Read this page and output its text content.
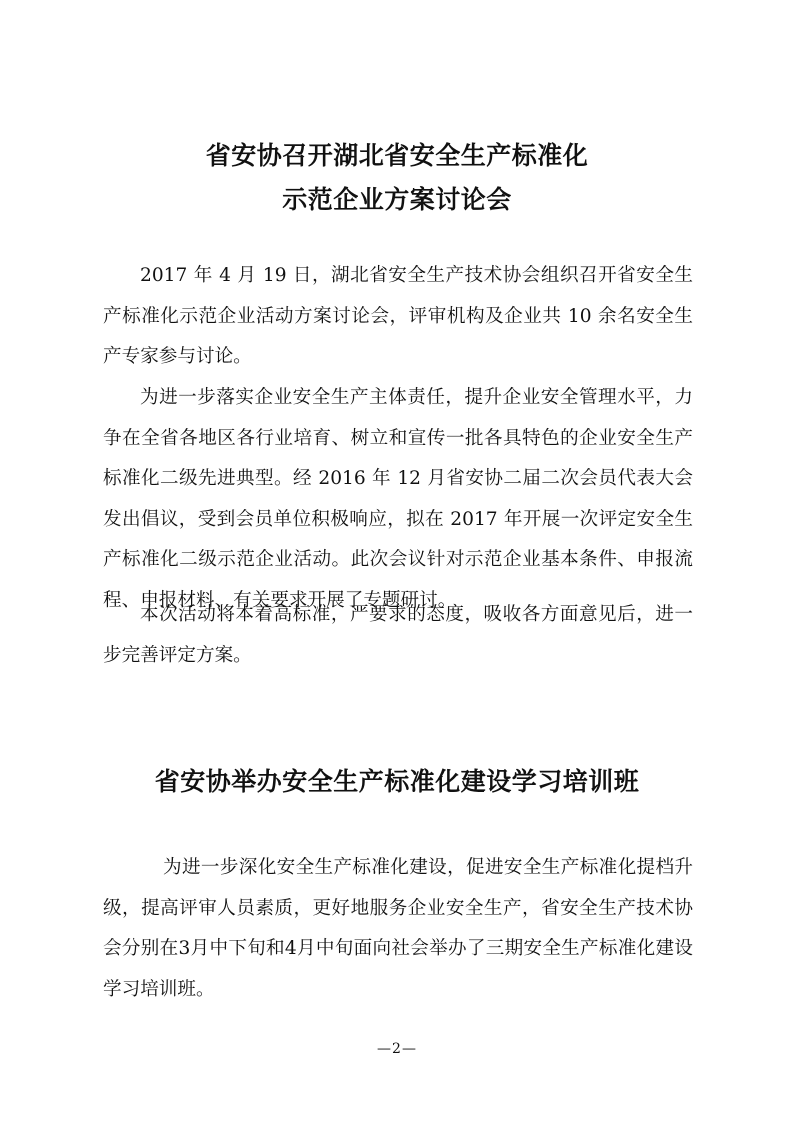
省安协召开湖北省安全生产标准化
示范企业方案讨论会

2017 年 4 月 19 日，湖北省安全生产技术协会组织召开省安全生产标准化示范企业活动方案讨论会，评审机构及企业共 10 余名安全生产专家参与讨论。

为进一步落实企业安全生产主体责任，提升企业安全管理水平，力争在全省各地区各行业培育、树立和宣传一批各具特色的企业安全生产标准化二级先进典型。经 2016 年 12 月省安协二届二次会员代表大会发出倡议，受到会员单位积极响应，拟在 2017 年开展一次评定安全生产标准化二级示范企业活动。此次会议针对示范企业基本条件、申报流程、申报材料、有关要求开展了专题研讨。

本次活动将本着高标准，严要求的态度，吸收各方面意见后，进一步完善评定方案。

省安协举办安全生产标准化建设学习培训班

为进一步深化安全生产标准化建设，促进安全生产标准化提档升级，提高评审人员素质，更好地服务企业安全生产，省安全生产技术协会分别在3月中下旬和4月中旬面向社会举办了三期安全生产标准化建设学习培训班。

—2—
